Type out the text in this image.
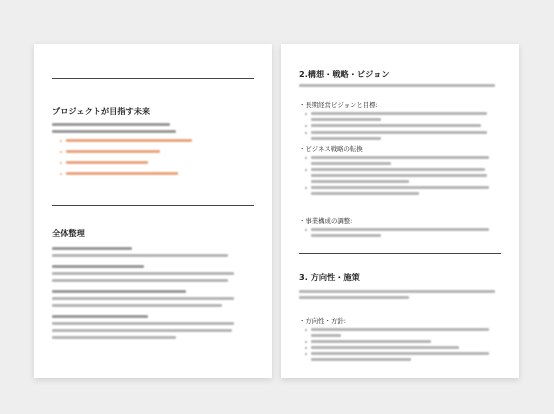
プロジェクトが目指す未来
全体整理
2.構想・戦略・ビジョン
・長期経営ビジョンと目標:
・ビジネス戦略の転換
・事業構成の調整:
3. 方向性・施策
・方向性・方針:
